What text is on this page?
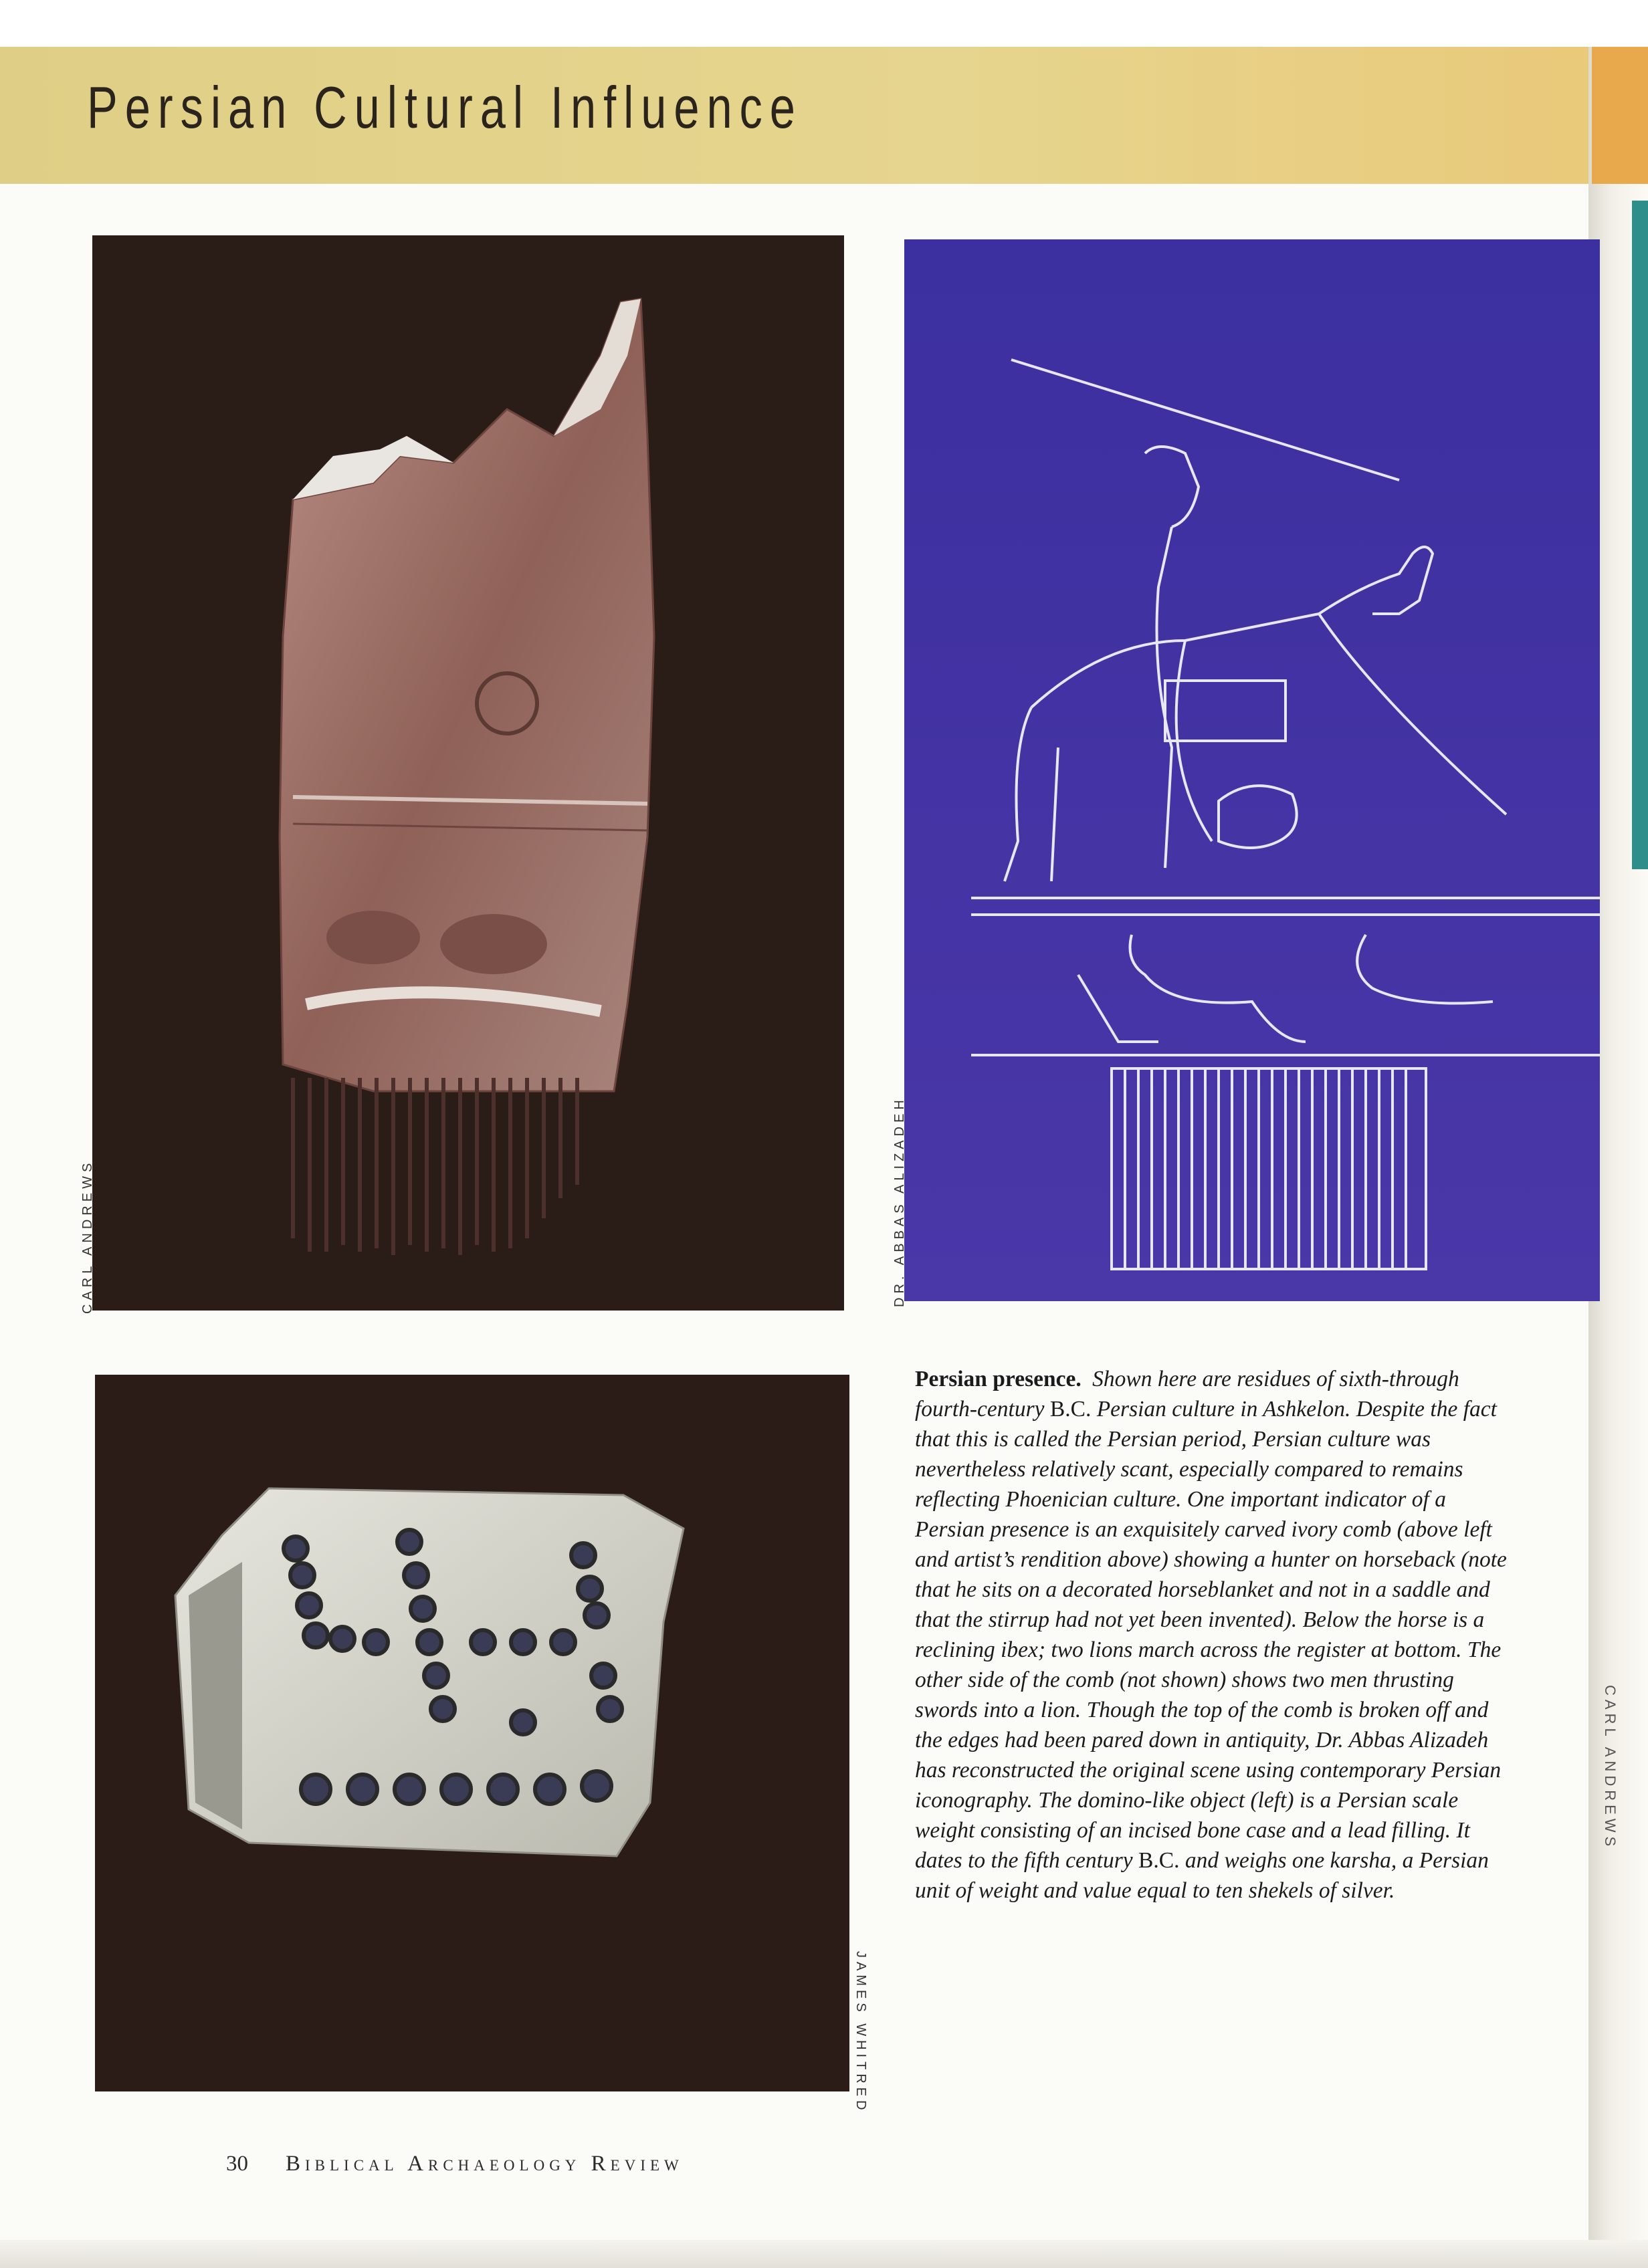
Persian Cultural Influence
CARL ANDREWS
CARL ANDREWS	DR. ABBAS ALIZADEH
JAMES WHITRED
Persian presence. Shown here are residues of sixth-through fourth-century B.C. Persian culture in Ashkelon. Despite the fact that this is called the Persian period, Persian culture was nevertheless relatively scant, especially compared to remains reflecting Phoenician culture. One important indicator of a Persian presence is an exquisitely carved ivory comb (above left and artist’s rendition above) showing a hunter on horseback (note that he sits on a decorated horseblanket and not in a saddle and that the stirrup had not yet been invented). Below the horse is a reclining ibex; two lions march across the register at bottom. The other side of the comb (not shown) shows two men thrusting swords into a lion. Though the top of the comb is broken off and the edges had been pared down in antiquity, Dr. Abbas Alizadeh has reconstructed the original scene using contemporary Persian iconography. The domino-like object (left) is a Persian scale weight consisting of an incised bone case and a lead filling. It dates to the fifth century B.C. and weighs one karsha, a Persian unit of weight and value equal to ten shekels of silver.
30 Biblical Archaeology Review
